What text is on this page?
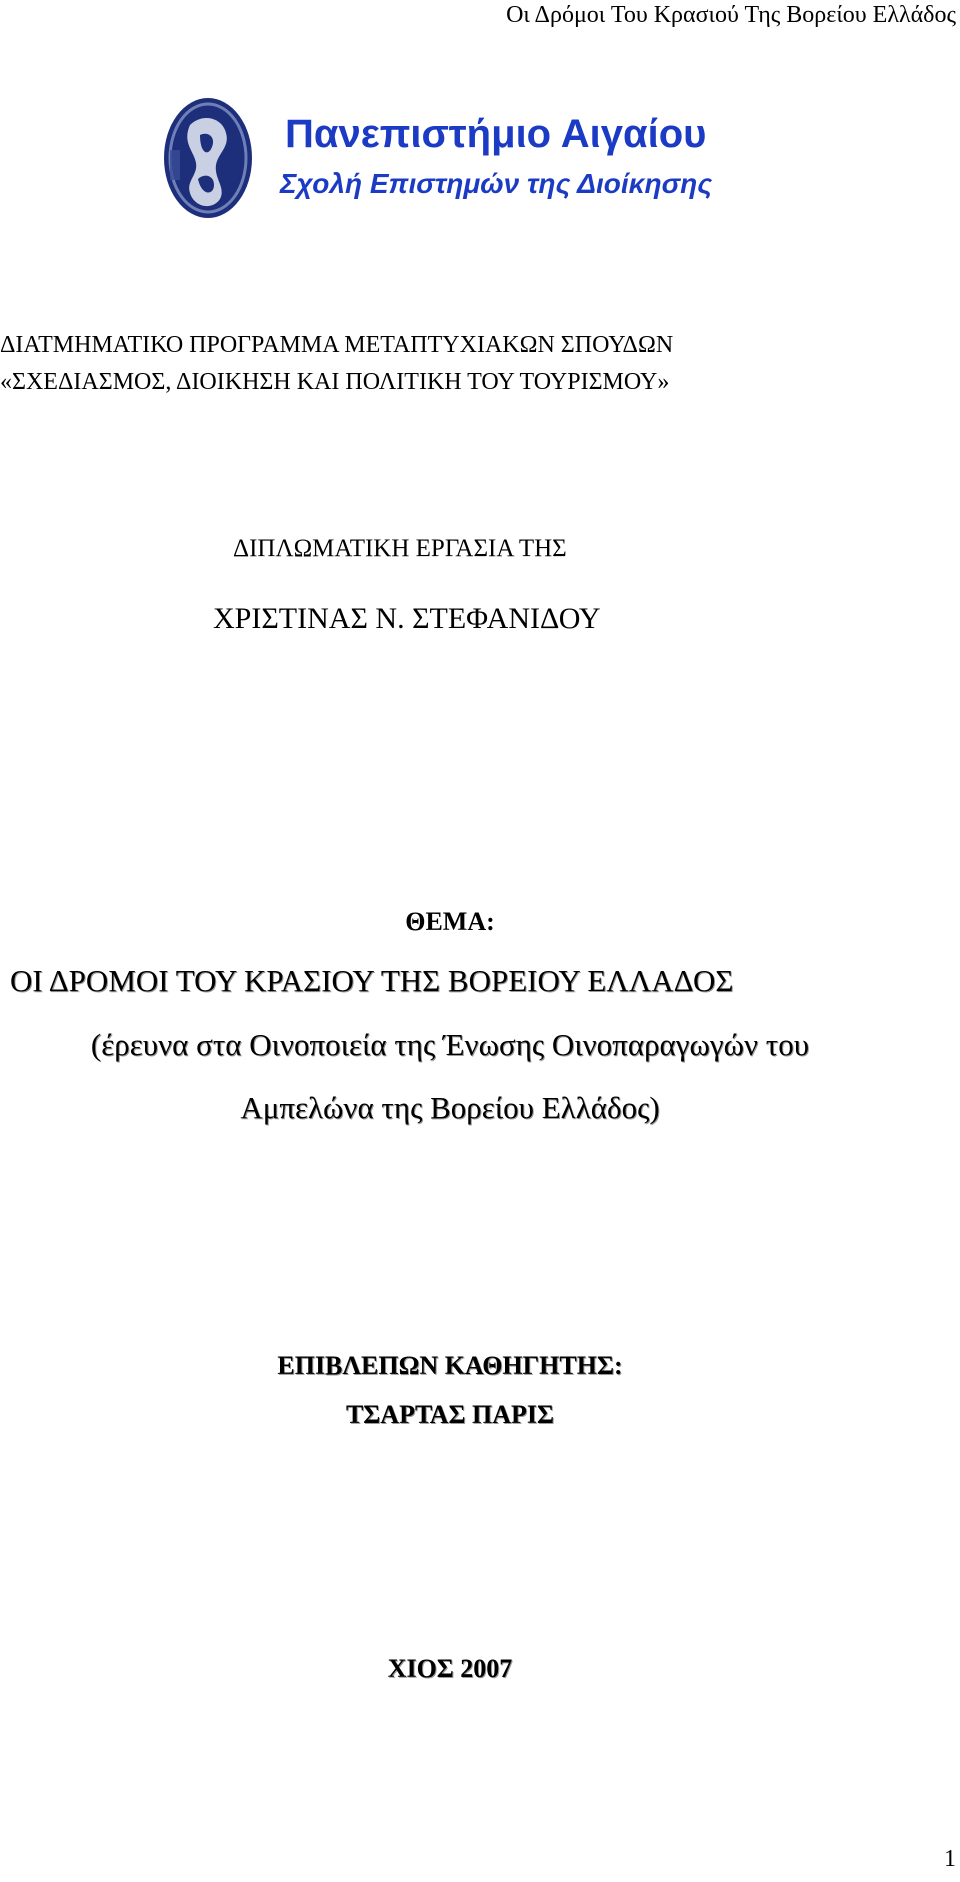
Οι Δρόμοι Του Κρασιού Της Βορείου Ελλάδος
Πανεπιστήμιο Αιγαίου
Σχολή Επιστημών της Διοίκησης
ΔΙΑΤΜΗΜΑΤΙΚΟ ΠΡΟΓΡΑΜΜΑ ΜΕΤΑΠΤΥΧΙΑΚΩΝ ΣΠΟΥΔΩΝ
«ΣΧΕΔΙΑΣΜΟΣ, ΔΙΟΙΚΗΣΗ ΚΑΙ ΠΟΛΙΤΙΚΗ ΤΟΥ ΤΟΥΡΙΣΜΟΥ»
ΔΙΠΛΩΜΑΤΙΚΗ ΕΡΓΑΣΙΑ ΤΗΣ
ΧΡΙΣΤΙΝΑΣ Ν. ΣΤΕΦΑΝΙΔΟΥ
ΘΕΜΑ:
ΟΙ ΔΡΟΜΟΙ ΤΟΥ ΚΡΑΣΙΟΥ ΤΗΣ ΒΟΡΕΙΟΥ ΕΛΛΑΔΟΣ
(έρευνα στα Οινοποιεία της Ένωσης Οινοπαραγωγών του
Αμπελώνα της Βορείου Ελλάδος)
ΕΠΙΒΛΕΠΩΝ ΚΑΘΗΓΗΤΗΣ:
ΤΣΑΡΤΑΣ ΠΑΡΙΣ
ΧΙΟΣ 2007
1
